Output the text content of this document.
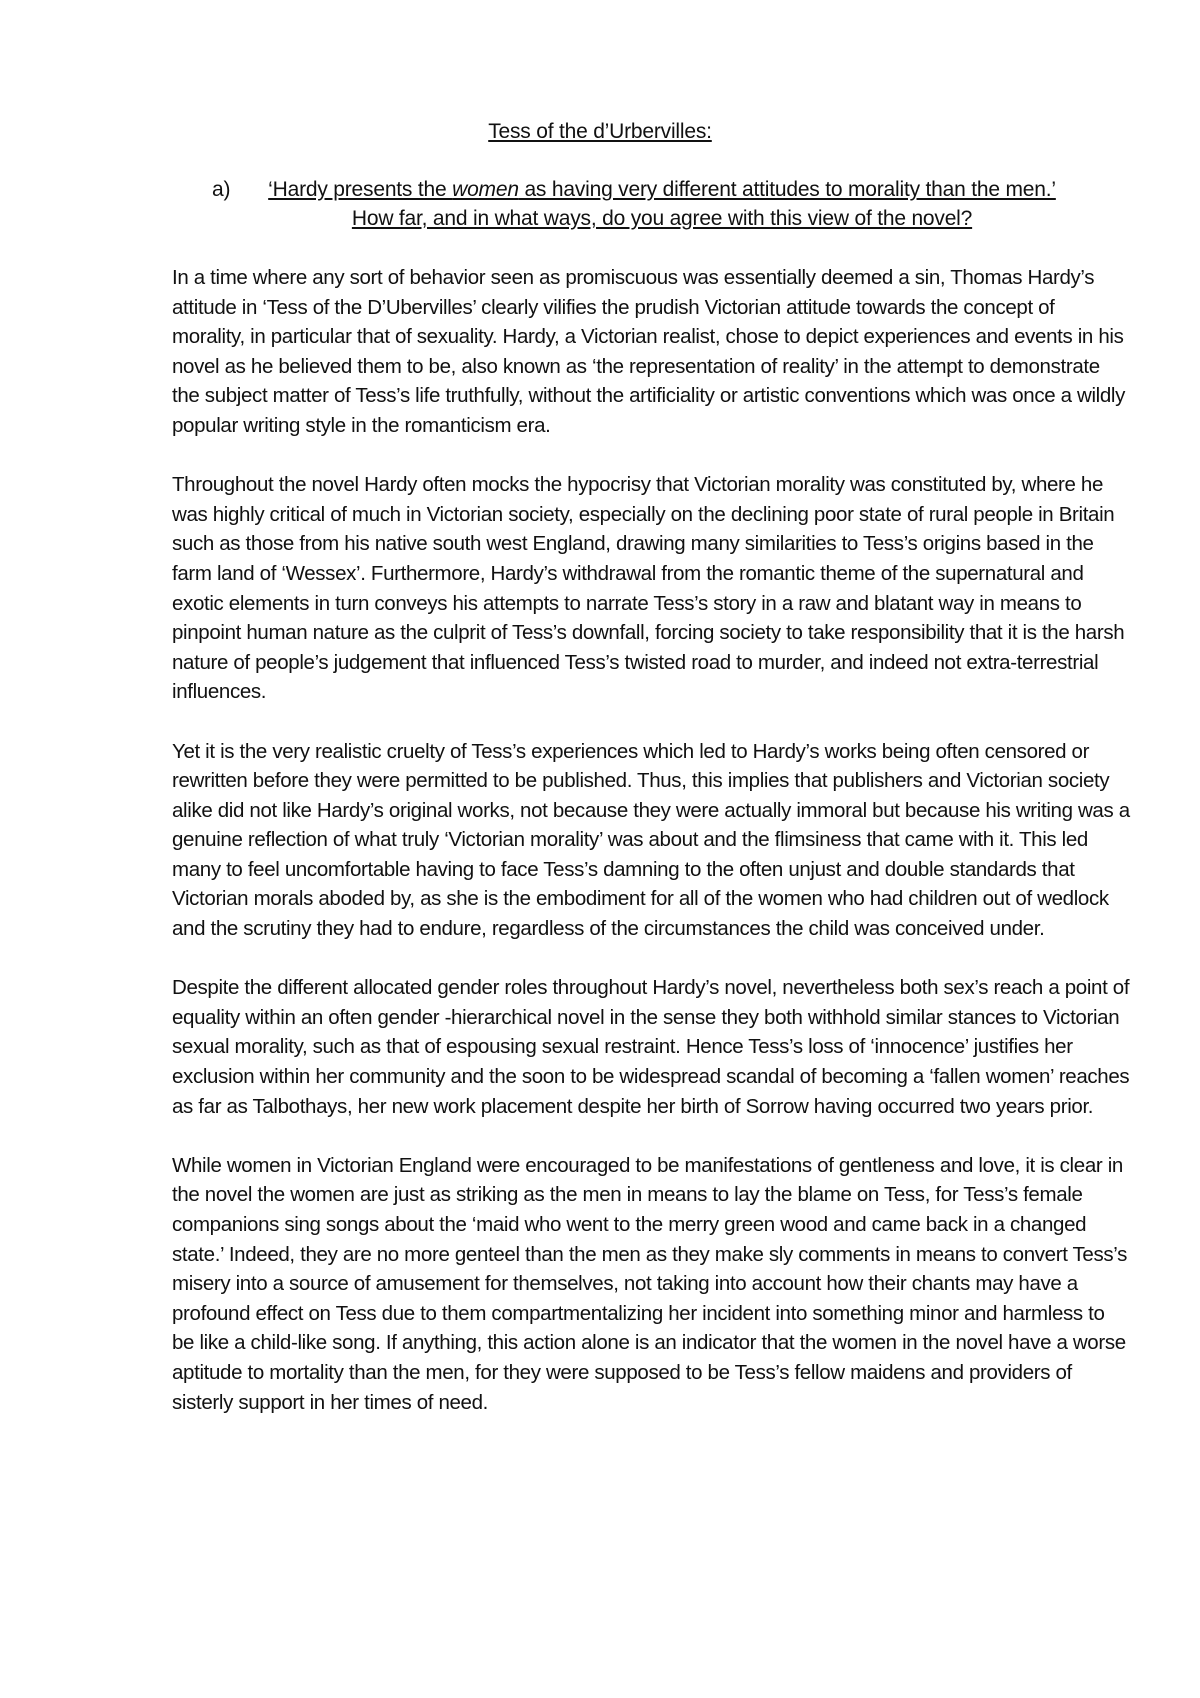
Tess of the d’Urbervilles:
a)	‘Hardy presents the women as having very different attitudes to morality than the men.’
How far, and in what ways, do you agree with this view of the novel?

In a time where any sort of behavior seen as promiscuous was essentially deemed a sin, Thomas Hardy’s attitude in ‘Tess of the D’Ubervilles’ clearly vilifies the prudish Victorian attitude towards the concept of morality, in particular that of sexuality. Hardy, a Victorian realist, chose to depict experiences and events in his novel as he believed them to be, also known as ‘the representation of reality’ in the attempt to demonstrate the subject matter of Tess’s life truthfully, without the artificiality or artistic conventions which was once a wildly popular writing style in the romanticism era.

Throughout the novel Hardy often mocks the hypocrisy that Victorian morality was constituted by, where he was highly critical of much in Victorian society, especially on the declining poor state of rural people in Britain such as those from his native south west England, drawing many similarities to Tess’s origins based in the farm land of ‘Wessex’. Furthermore, Hardy’s withdrawal from the romantic theme of the supernatural and exotic elements in turn conveys his attempts to narrate Tess’s story in a raw and blatant way in means to pinpoint human nature as the culprit of Tess’s downfall, forcing society to take responsibility that it is the harsh nature of people’s judgement that influenced Tess’s twisted road to murder, and indeed not extra-terrestrial influences.

Yet it is the very realistic cruelty of Tess’s experiences which led to Hardy’s works being often censored or rewritten before they were permitted to be published. Thus, this implies that publishers and Victorian society alike did not like Hardy’s original works, not because they were actually immoral but because his writing was a genuine reflection of what truly ‘Victorian morality’ was about and the flimsiness that came with it. This led many to feel uncomfortable having to face Tess’s damning to the often unjust and double standards that Victorian morals aboded by, as she is the embodiment for all of the women who had children out of wedlock and the scrutiny they had to endure, regardless of the circumstances the child was conceived under.

Despite the different allocated gender roles throughout Hardy’s novel, nevertheless both sex’s reach a point of equality within an often gender -hierarchical novel in the sense they both withhold similar stances to Victorian sexual morality, such as that of espousing sexual restraint. Hence Tess’s loss of ‘innocence’ justifies her exclusion within her community and the soon to be widespread scandal of becoming a ‘fallen women’ reaches as far as Talbothays, her new work placement despite her birth of Sorrow having occurred two years prior.

While women in Victorian England were encouraged to be manifestations of gentleness and love, it is clear in the novel the women are just as striking as the men in means to lay the blame on Tess, for Tess’s female companions sing songs about the ‘maid who went to the merry green wood and came back in a changed state.’ Indeed, they are no more genteel than the men as they make sly comments in means to convert Tess’s misery into a source of amusement for themselves, not taking into account how their chants may have a profound effect on Tess due to them compartmentalizing her incident into something minor and harmless to be like a child-like song. If anything, this action alone is an indicator that the women in the novel have a worse aptitude to mortality than the men, for they were supposed to be Tess’s fellow maidens and providers of sisterly support in her times of need.
